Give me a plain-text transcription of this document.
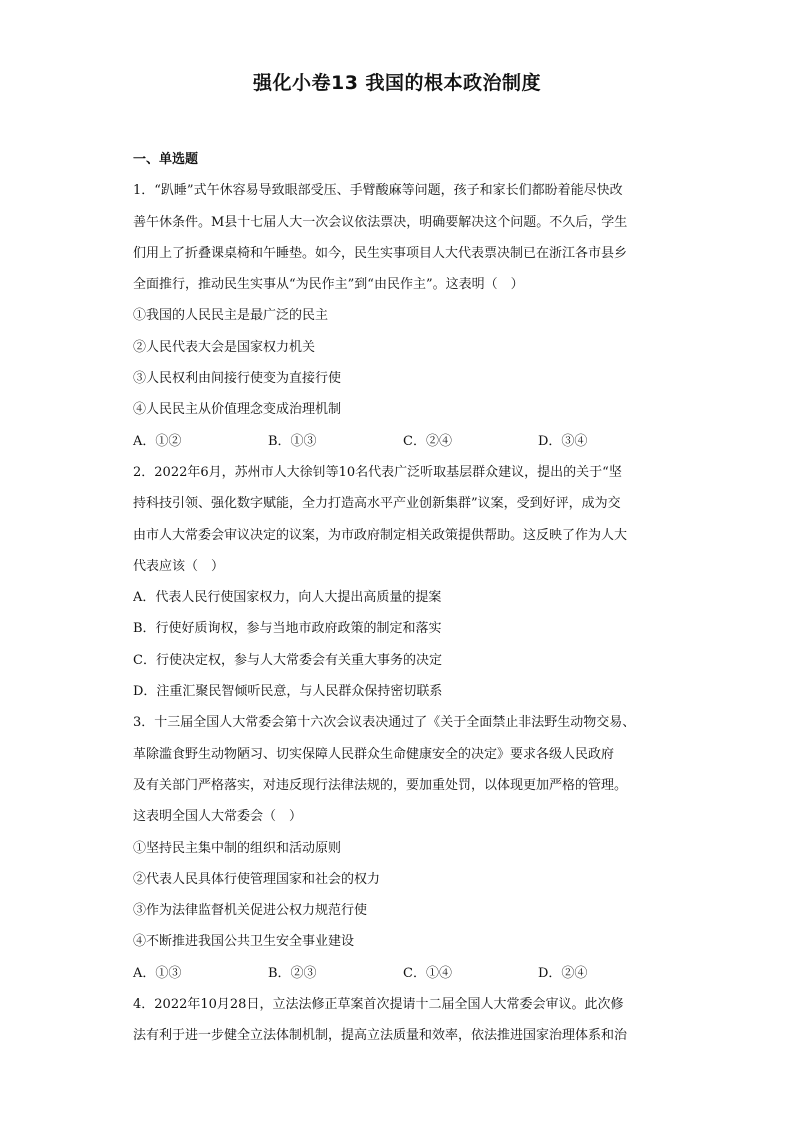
强化小卷13 我国的根本政治制度
一、单选题
1．“趴睡”式午休容易导致眼部受压、手臂酸麻等问题，孩子和家长们都盼着能尽快改
善午休条件。M县十七届人大一次会议依法票决，明确要解决这个问题。不久后，学生
们用上了折叠课桌椅和午睡垫。如今，民生实事项目人大代表票决制已在浙江各市县乡
全面推行，推动民生实事从“为民作主”到“由民作主”。这表明（　）
①我国的人民民主是最广泛的民主
②人民代表大会是国家权力机关
③人民权利由间接行使变为直接行使
④人民民主从价值理念变成治理机制
A．①②	B．①③	C．②④	D．③④
2．2022年6月，苏州市人大徐钊等10名代表广泛听取基层群众建议，提出的关于“坚
持科技引领、强化数字赋能，全力打造高水平产业创新集群”议案，受到好评，成为交
由市人大常委会审议决定的议案，为市政府制定相关政策提供帮助。这反映了作为人大
代表应该（　）
A．代表人民行使国家权力，向人大提出高质量的提案
B．行使好质询权，参与当地市政府政策的制定和落实
C．行使决定权，参与人大常委会有关重大事务的决定
D．注重汇聚民智倾听民意，与人民群众保持密切联系
3．十三届全国人大常委会第十六次会议表决通过了《关于全面禁止非法野生动物交易、
革除滥食野生动物陋习、切实保障人民群众生命健康安全的决定》要求各级人民政府
及有关部门严格落实，对违反现行法律法规的，要加重处罚，以体现更加严格的管理。
这表明全国人大常委会（　）
①坚持民主集中制的组织和活动原则
②代表人民具体行使管理国家和社会的权力
③作为法律监督机关促进公权力规范行使
④不断推进我国公共卫生安全事业建设
A．①③	B．②③	C．①④	D．②④
4．2022年10月28日，立法法修正草案首次提请十二届全国人大常委会审议。此次修
法有利于进一步健全立法体制机制，提高立法质量和效率，依法推进国家治理体系和治
